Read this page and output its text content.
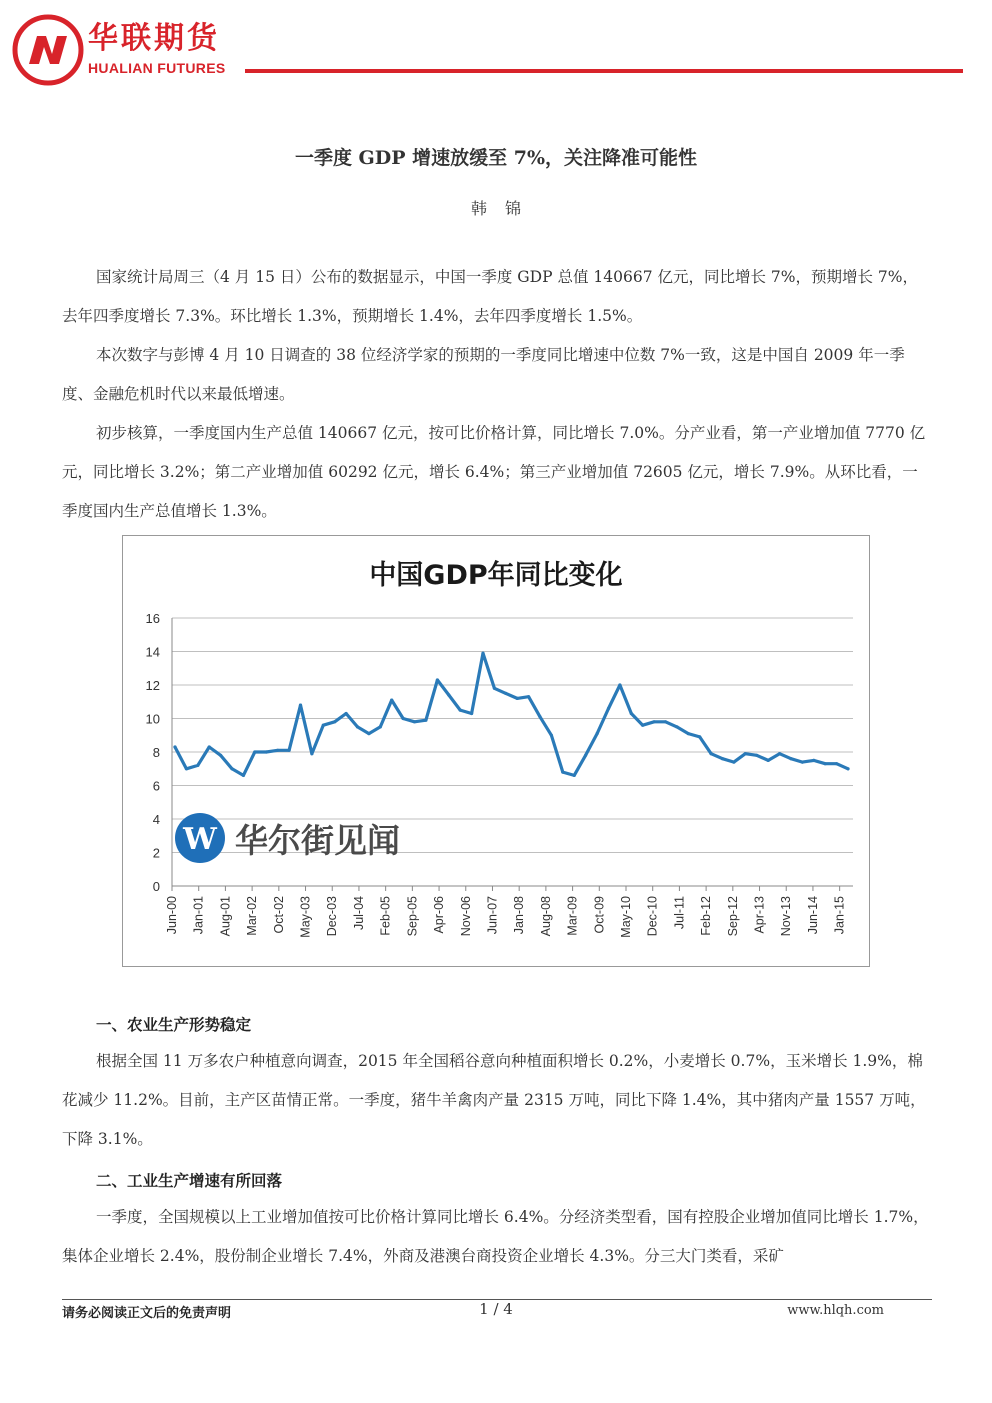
华联期货
HUALIAN FUTURES
一季度 GDP 增速放缓至 7%，关注降准可能性
韩锦

国家统计局周三（4 月 15 日）公布的数据显示，中国一季度 GDP 总值 140667 亿元，同比增长 7%，预期增长 7%，去年四季度增长 7.3%。环比增长 1.3%，预期增长 1.4%，去年四季度增长 1.5%。

本次数字与彭博 4 月 10 日调查的 38 位经济学家的预期的一季度同比增速中位数 7%一致，这是中国自 2009 年一季度、金融危机时代以来最低增速。

初步核算，一季度国内生产总值 140667 亿元，按可比价格计算，同比增长 7.0%。分产业看，第一产业增加值 7770 亿元，同比增长 3.2%；第二产业增加值 60292 亿元，增长 6.4%；第三产业增加值 72605 亿元，增长 7.9%。从环比看，一季度国内生产总值增长 1.3%。

中国GDP年同比变化
W 华尔街见闻
0
2
4
6
8
10
12
14
16
Jun-00 Jan-01 Aug-01 Mar-02 Oct-02 May-03 Dec-03 Jul-04 Feb-05 Sep-05 Apr-06 Nov-06 Jun-07 Jan-08 Aug-08 Mar-09 Oct-09 May-10 Dec-10 Jul-11 Feb-12 Sep-12 Apr-13 Nov-13 Jun-14 Jan-15

一、农业生产形势稳定

根据全国 11 万多农户种植意向调查，2015 年全国稻谷意向种植面积增长 0.2%，小麦增长 0.7%，玉米增长 1.9%，棉花减少 11.2%。目前，主产区苗情正常。一季度，猪牛羊禽肉产量 2315 万吨，同比下降 1.4%，其中猪肉产量 1557 万吨，下降 3.1%。

二、工业生产增速有所回落

一季度，全国规模以上工业增加值按可比价格计算同比增长 6.4%。分经济类型看，国有控股企业增加值同比增长 1.7%，集体企业增长 2.4%，股份制企业增长 7.4%，外商及港澳台商投资企业增长 4.3%。分三大门类看，采矿

请务必阅读正文后的免责声明	1 / 4	www.hlqh.com
